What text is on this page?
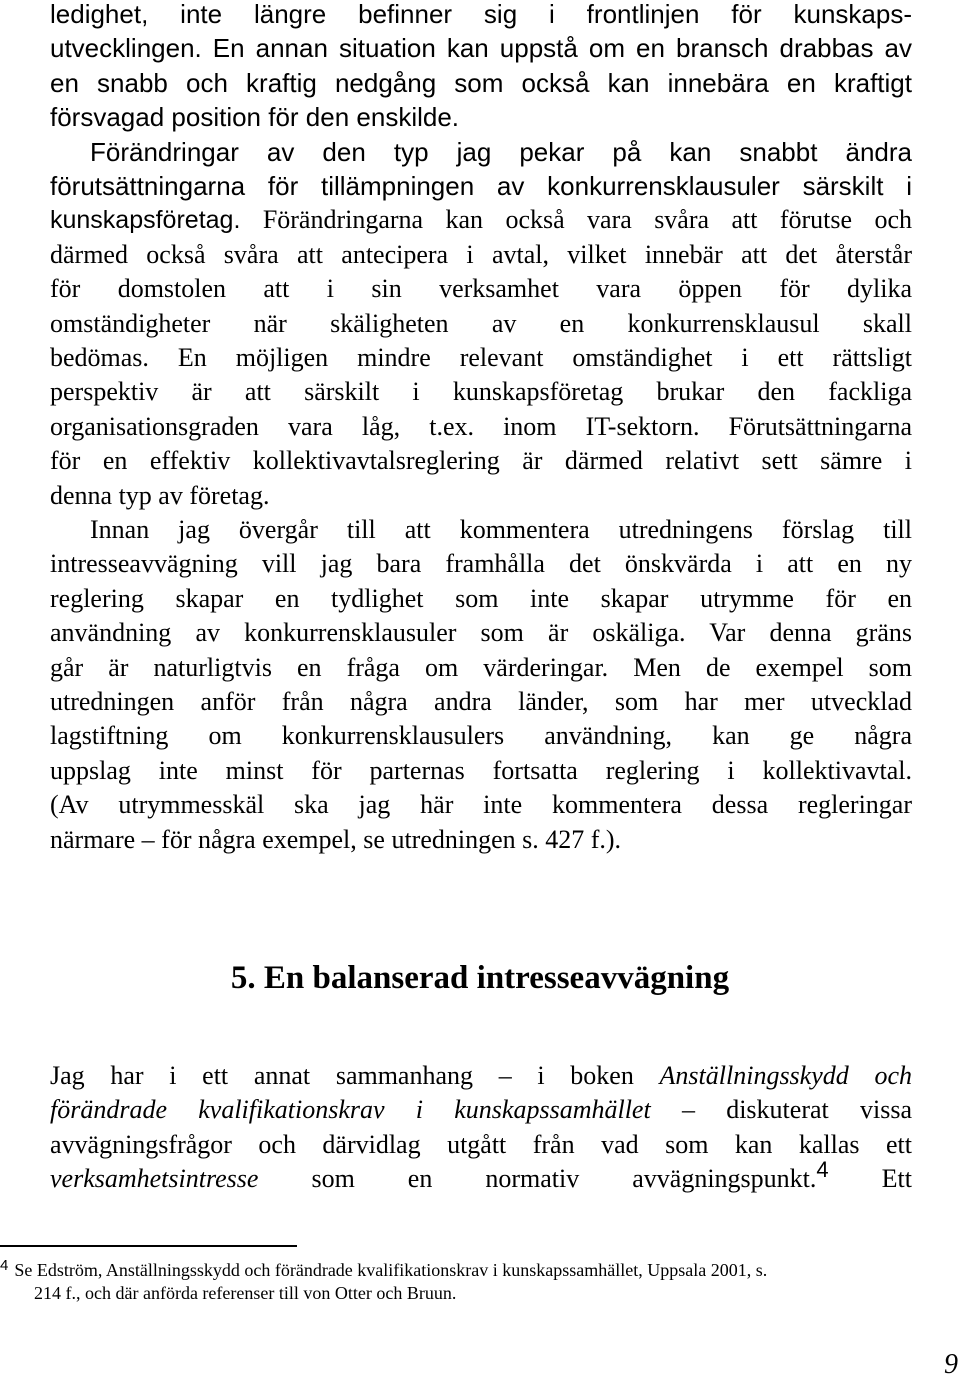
ledighet, inte längre befinner sig i frontlinjen för kunskaps-
utvecklingen. En annan situation kan uppstå om en bransch drabbas av
en snabb och kraftig nedgång som också kan innebära en kraftigt
försvagad position för den enskilde.
Förändringar av den typ jag pekar på kan snabbt ändra
förutsättningarna för tillämpningen av konkurrensklausuler särskilt i
kunskapsföretag. Förändringarna kan också vara svåra att förutse och
därmed också svåra att antecipera i avtal, vilket innebär att det återstår
för domstolen att i sin verksamhet vara öppen för dylika
omständigheter när skäligheten av en konkurrensklausul skall
bedömas. En möjligen mindre relevant omständighet i ett rättsligt
perspektiv är att särskilt i kunskapsföretag brukar den fackliga
organisationsgraden vara låg, t.ex. inom IT-sektorn. Förutsättningarna
för en effektiv kollektivavtalsreglering är därmed relativt sett sämre i
denna typ av företag.
Innan jag övergår till att kommentera utredningens förslag till
intresseavvägning vill jag bara framhålla det önskvärda i att en ny
reglering skapar en tydlighet som inte skapar utrymme för en
användning av konkurrensklausuler som är oskäliga. Var denna gräns
går är naturligtvis en fråga om värderingar. Men de exempel som
utredningen anför från några andra länder, som har mer utvecklad
lagstiftning om konkurrensklausulers användning, kan ge några
uppslag inte minst för parternas fortsatta reglering i kollektivavtal.
(Av utrymmesskäl ska jag här inte kommentera dessa regleringar
närmare – för några exempel, se utredningen s. 427 f.).
5. En balanserad intresseavvägning
Jag har i ett annat sammanhang – i boken Anställningsskydd och
förändrade kvalifikationskrav i kunskapssamhället – diskuterat vissa
avvägningsfrågor och därvidlag utgått från vad som kan kallas ett
verksamhetsintresse som en normativ avvägningspunkt.$^4$ Ett
$^4$ Se Edström, Anställningsskydd och förändrade kvalifikationskrav i kunskapssamhället, Uppsala 2001, s.
214 f., och där anförda referenser till von Otter och Bruun.
9
